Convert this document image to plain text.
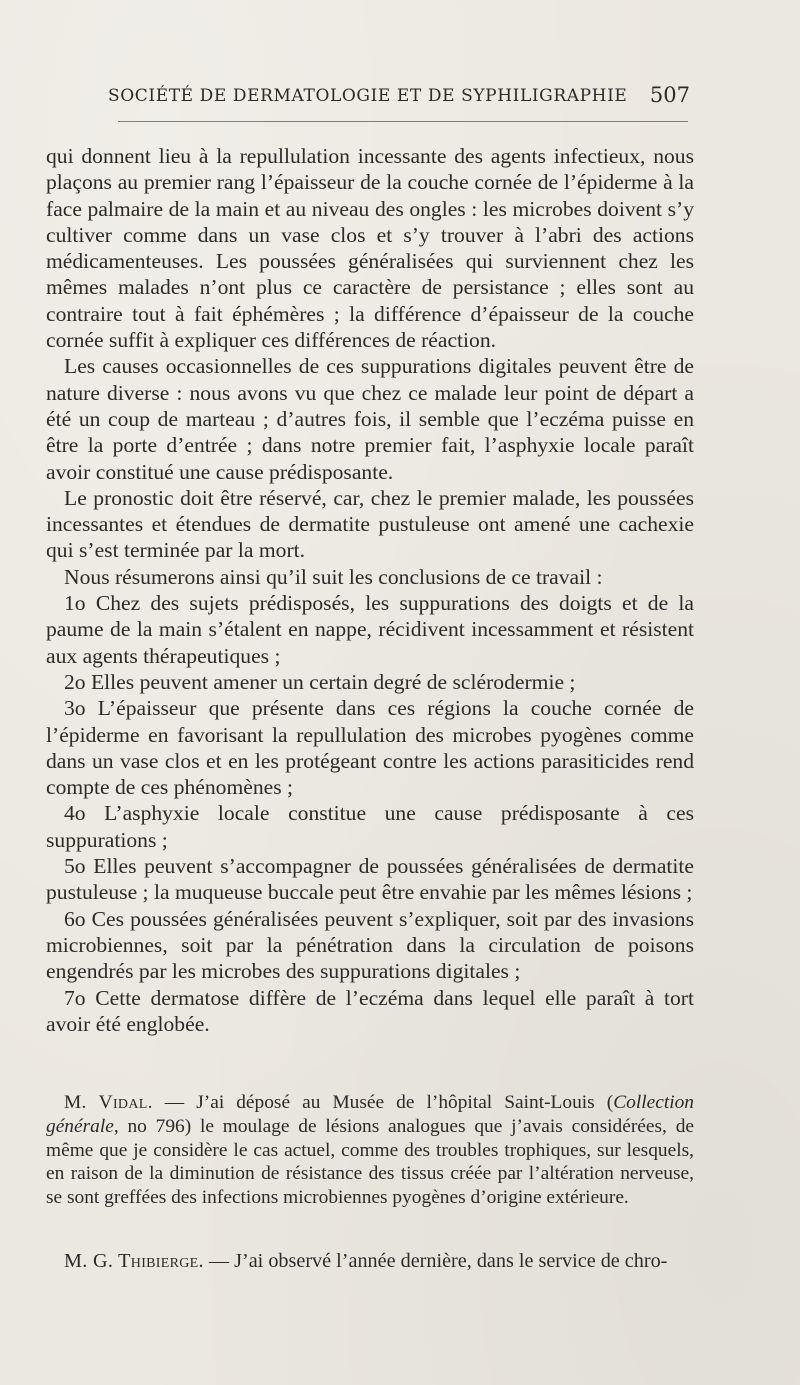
SOCIÉTÉ DE DERMATOLOGIE ET DE SYPHILIGRAPHIE 507

qui donnent lieu à la repullulation incessante des agents infectieux, nous plaçons au premier rang l’épaisseur de la couche cornée de l’épiderme à la face palmaire de la main et au niveau des ongles : les microbes doivent s’y cultiver comme dans un vase clos et s’y trouver à l’abri des actions médicamenteuses. Les poussées généralisées qui surviennent chez les mêmes malades n’ont plus ce caractère de persistance ; elles sont au contraire tout à fait éphémères ; la différence d’épaisseur de la couche cornée suffit à expliquer ces différences de réaction.

Les causes occasionnelles de ces suppurations digitales peuvent être de nature diverse : nous avons vu que chez ce malade leur point de départ a été un coup de marteau ; d’autres fois, il semble que l’eczéma puisse en être la porte d’entrée ; dans notre premier fait, l’asphyxie locale paraît avoir constitué une cause prédisposante.

Le pronostic doit être réservé, car, chez le premier malade, les poussées incessantes et étendues de dermatite pustuleuse ont amené une cachexie qui s’est terminée par la mort.

Nous résumerons ainsi qu’il suit les conclusions de ce travail :

1o Chez des sujets prédisposés, les suppurations des doigts et de la paume de la main s’étalent en nappe, récidivent incessamment et résistent aux agents thérapeutiques ;

2o Elles peuvent amener un certain degré de sclérodermie ;

3o L’épaisseur que présente dans ces régions la couche cornée de l’épiderme en favorisant la repullulation des microbes pyogènes comme dans un vase clos et en les protégeant contre les actions parasiticides rend compte de ces phénomènes ;

4o L’asphyxie locale constitue une cause prédisposante à ces suppurations ;

5o Elles peuvent s’accompagner de poussées généralisées de dermatite pustuleuse ; la muqueuse buccale peut être envahie par les mêmes lésions ;

6o Ces poussées généralisées peuvent s’expliquer, soit par des invasions microbiennes, soit par la pénétration dans la circulation de poisons engendrés par les microbes des suppurations digitales ;

7o Cette dermatose diffère de l’eczéma dans lequel elle paraît à tort avoir été englobée.

M. Vidal. — J’ai déposé au Musée de l’hôpital Saint-Louis (Collection générale, no 796) le moulage de lésions analogues que j’avais considérées, de même que je considère le cas actuel, comme des troubles trophiques, sur lesquels, en raison de la diminution de résistance des tissus créée par l’altération nerveuse, se sont greffées des infections microbiennes pyogènes d’origine extérieure.

M. G. Thibierge. — J’ai observé l’année dernière, dans le service de chro-
